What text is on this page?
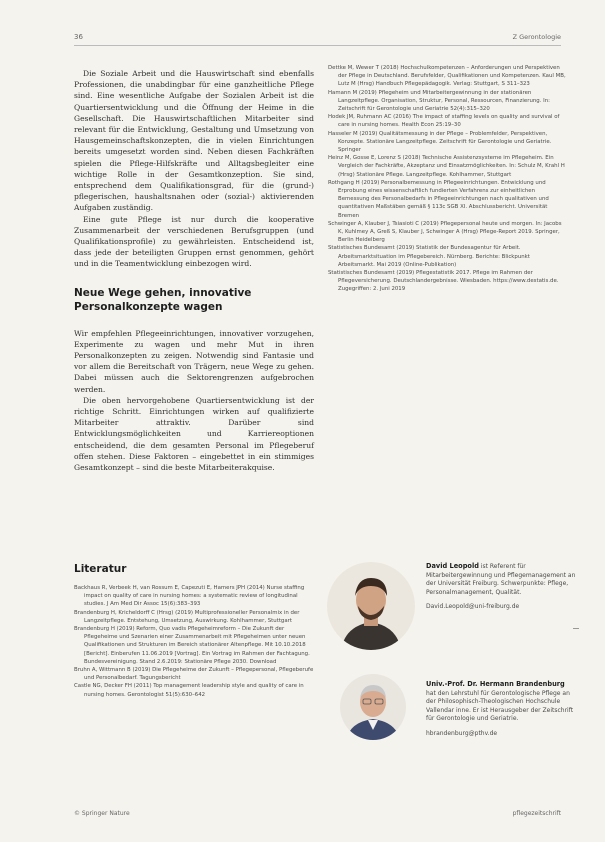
36	Z Gerontologie

Die Soziale Arbeit und die Hauswirtschaft sind ebenfalls Professionen, die unabdingbar für eine ganzheitliche Pflege sind. Eine wesentliche Aufgabe der Sozialen Arbeit ist die Quartiersentwicklung und die Öffnung der Heime in die Gesellschaft. Die Hauswirtschaftlichen Mitarbeiter sind relevant für die Entwicklung, Gestaltung und Umsetzung von Hausgemeinschaftskonzepten, die in vielen Einrichtungen bereits umgesetzt worden sind. Neben diesen Fachkräften spielen die Pflege-Hilfskräfte und Alltagsbegleiter eine wichtige Rolle in der Gesamtkonzeption. Sie sind, entsprechend dem Qualifikationsgrad, für die (grund-) pflegerischen, haushaltsnahen oder (sozial-) aktivierenden Aufgaben zuständig.

Eine gute Pflege ist nur durch die kooperative Zusammenarbeit der verschiedenen Berufsgruppen (und Qualifikationsprofile) zu gewährleisten. Entscheidend ist, dass jede der beteiligten Gruppen ernst genommen, gehört und in die Teamentwicklung einbezogen wird.

Neue Wege gehen, innovative Personalkonzepte wagen

Wir empfehlen Pflegeeinrichtungen, innovativer vorzugehen, Experimente zu wagen und mehr Mut in ihren Personalkonzepten zu zeigen. Notwendig sind Fantasie und vor allem die Bereitschaft von Trägern, neue Wege zu gehen. Dabei müssen auch die Sektorengrenzen aufgebrochen werden.

Die oben hervorgehobene Quartiersentwicklung ist der richtige Schritt. Einrichtungen wirken auf qualifizierte Mitarbeiter attraktiv. Darüber sind Entwicklungsmöglichkeiten und Karriereoptionen entscheidend, die dem gesamten Personal im Pflegeberuf offen stehen. Diese Faktoren – eingebettet in ein stimmiges Gesamtkonzept – sind die beste Mitarbeiterakquise.

Literatur

Backhaus R, Verbeek H, van Rossum E, Capezuti E, Hamers JPH (2014) Nurse staffing impact on quality of care in nursing homes: a systematic review of longitudinal studies. J Am Med Dir Assoc 15(6):383–393

Brandenburg H, Kricheldorff C (Hrsg) (2019) Multiprofessioneller Personalmix in der Langzeitpflege. Entstehung, Umsetzung, Auswirkung. Kohlhammer, Stuttgart

Brandenburg H (2019) Reform, Quo vadis Pflegeheimreform – Die Zukunft der Pflegeheime und Szenarien einer Zusammenarbeit mit Pflegeheimen unter neuen Qualifikationen und Strukturen im Bereich stationärer Altenpflege. Mit 10.10.2018 [Bericht]. Einberufen 11.06.2019 [Vortrag]. Ein Vortrag im Rahmen der Fachtagung. Bundesvereinigung. Stand 2.6.2019: Stationäre Pflege 2030. Download

Bruhn A, Wittmann B (2019) Die Pflegeheime der Zukunft – Pflegepersonal, Pflegeberufe und Personalbedarf. Tagungsbericht

Castle NG, Decker FH (2011) Top management leadership style and quality of care in nursing homes. Gerontologist 51(5):630–642

Dettke M, Wewer T (2018) Hochschulkompetenzen – Anforderungen und Perspektiven der Pflege in Deutschland. Berufsfelder, Qualifikationen und Kompetenzen. Kaul MB, Lutz M (Hrsg) Handbuch Pflegepädagogik. Verlag: Stuttgart, S 311–323

Hamann M (2019) Pflegeheim und Mitarbeitergewinnung in der stationären Langzeitpflege. Organisation, Struktur, Personal, Ressourcen, Finanzierung. In: Zeitschrift für Gerontologie und Geriatrie 52(4):315–320

Hodek JM, Ruhmann AC (2016) The impact of staffing levels on quality and survival of care in nursing homes. Health Econ 25:19–30

Hasseler M (2019) Qualitätsmessung in der Pflege – Problemfelder, Perspektiven, Konzepte. Stationäre Langzeitpflege. Zeitschrift für Gerontologie und Geriatrie. Springer

Heinz M, Gosse E, Lorenz S (2018) Technische Assistenzsysteme im Pflegeheim. Ein Vergleich der Fachkräfte, Akzeptanz und Einsatzmöglichkeiten. In: Schulz M, Krahl H (Hrsg) Stationäre Pflege. Langzeitpflege. Kohlhammer, Stuttgart

Rothgang H (2019) Personalbemessung in Pflegeeinrichtungen. Entwicklung und Erprobung eines wissenschaftlich fundierten Verfahrens zur einheitlichen Bemessung des Personalbedarfs in Pflegeeinrichtungen nach qualitativen und quantitativen Maßstäben gemäß § 113c SGB XI. Abschlussbericht. Universität Bremen

Schwinger A, Klauber J, Tsiasioti C (2019) Pflegepersonal heute und morgen. In: Jacobs K, Kuhlmey A, Greß S, Klauber J, Schwinger A (Hrsg) Pflege-Report 2019. Springer, Berlin Heidelberg

Statistisches Bundesamt (2019) Statistik der Bundesagentur für Arbeit. Arbeitsmarktsituation im Pflegebereich. Nürnberg. Berichte: Blickpunkt Arbeitsmarkt. Mai 2019 (Online-Publikation)

Statistisches Bundesamt (2019) Pflegestatistik 2017. Pflege im Rahmen der Pflegeversicherung. Deutschlandergebnisse. Wiesbaden. https://www.destatis.de. Zugegriffen: 2. Juni 2019

David Leopold ist Referent für Mitarbeitergewinnung und Pflegemanagement an der Universität Freiburg. Schwerpunkte: Pflege, Personalmanagement, Qualität.
David.Leopold@uni-freiburg.de
Univ.-Prof. Dr. Hermann Brandenburg hat den Lehrstuhl für Gerontologische Pflege an der Philosophisch-Theologischen Hochschule Vallendar inne. Er ist Herausgeber der Zeitschrift für Gerontologie und Geriatrie.
hbrandenburg@pthv.de
© Springer Nature	pflegezeitschrift
